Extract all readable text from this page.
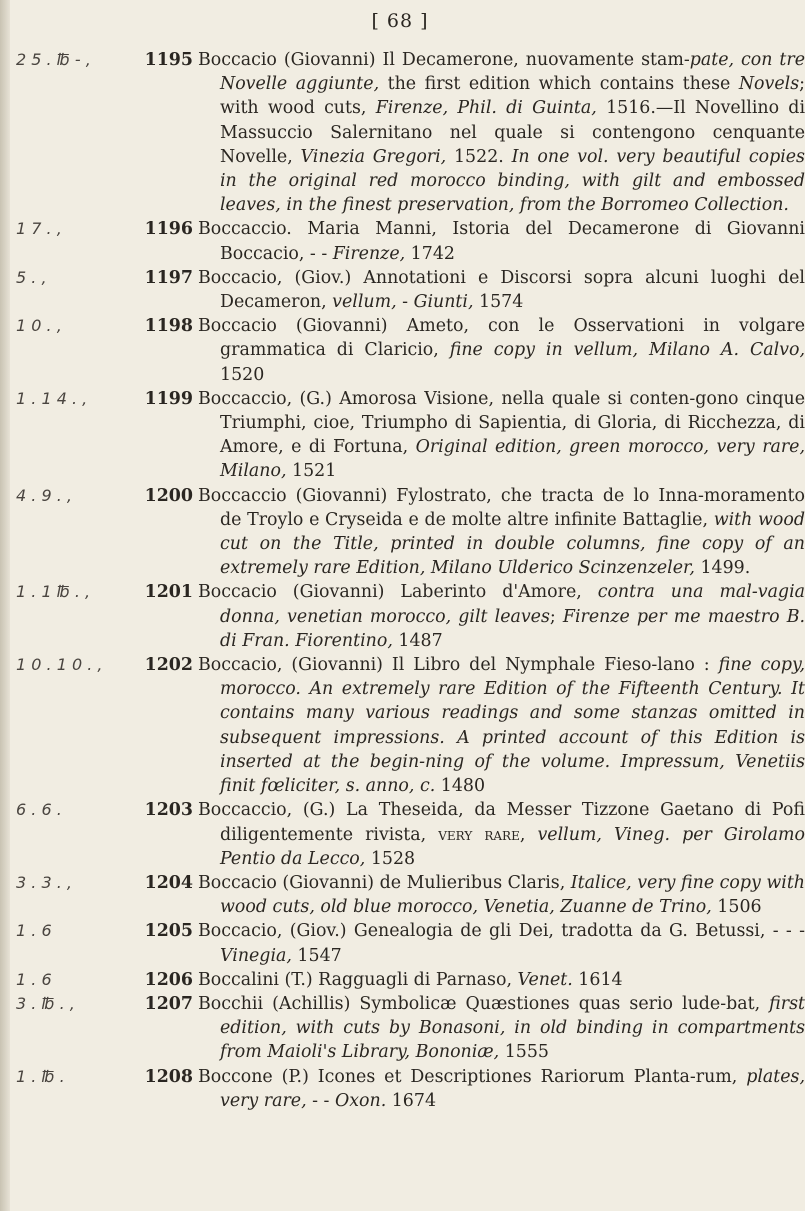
[ 68 ]
2 5 . ℔ - ,	1195 Boccacio (Giovanni) Il Decamerone, nuovamente stam-pate, con tre Novelle aggiunte, the first edition which contains these Novels; with wood cuts, Firenze, Phil. di Guinta, 1516.—Il Novellino di Massuccio Salernitano nel quale si contengono cenquante Novelle, Vinezia Gregori, 1522. In one vol. very beautiful copies in the original red morocco binding, with gilt and embossed leaves, in the finest preservation, from the Borromeo Collection.
1 7 . ,	1196 Boccaccio. Maria Manni, Istoria del Decamerone di Giovanni Boccacio, - - Firenze, 1742
5 . ,	1197 Boccacio, (Giov.) Annotationi e Discorsi sopra alcuni luoghi del Decameron, vellum, - Giunti, 1574
1 0 . ,	1198 Boccacio (Giovanni) Ameto, con le Osservationi in volgare grammatica di Claricio, fine copy in vellum, Milano A. Calvo, 1520
1 . 1 4 . ,	1199 Boccaccio, (G.) Amorosa Visione, nella quale si conten-gono cinque Triumphi, cioe, Triumpho di Sapientia, di Gloria, di Ricchezza, di Amore, e di Fortuna, Original edition, green morocco, very rare, Milano, 1521
4 . 9 . ,	1200 Boccaccio (Giovanni) Fylostrato, che tracta de lo Inna-moramento de Troylo e Cryseida e de molte altre infinite Battaglie, with wood cut on the Title, printed in double columns, fine copy of an extremely rare Edition, Milano Ulderico Scinzenzeler, 1499.
1 . 1 ℔ . ,	1201 Boccacio (Giovanni) Laberinto d'Amore, contra una mal-vagia donna, venetian morocco, gilt leaves; Firenze per me maestro B. di Fran. Fiorentino, 1487
1 0 . 1 0 . ,	1202 Boccacio, (Giovanni) Il Libro del Nymphale Fieso-lano : fine copy, morocco. An extremely rare Edition of the Fifteenth Century. It contains many various readings and some stanzas omitted in subsequent impressions. A printed account of this Edition is inserted at the begin-ning of the volume. Impressum, Venetiis finit fœliciter, s. anno, c. 1480
6 . 6 .	1203 Boccaccio, (G.) La Theseida, da Messer Tizzone Gaetano di Pofi diligentemente rivista, very rare, vellum, Vineg. per Girolamo Pentio da Lecco, 1528
3 . 3 . ,	1204 Boccacio (Giovanni) de Mulieribus Claris, Italice, very fine copy with wood cuts, old blue morocco, Venetia, Zuanne de Trino, 1506
1 . 6	1205 Boccacio, (Giov.) Genealogia de gli Dei, tradotta da G. Betussi, - - - Vinegia, 1547
1 . 6	1206 Boccalini (T.) Ragguagli di Parnaso, Venet. 1614
3 . ℔ . ,	1207 Bocchii (Achillis) Symbolicæ Quæstiones quas serio lude-bat, first edition, with cuts by Bonasoni, in old binding in compartments from Maioli's Library, Bononiæ, 1555
1 . ℔ .	1208 Boccone (P.) Icones et Descriptiones Rariorum Planta-rum, plates, very rare, - - Oxon. 1674
